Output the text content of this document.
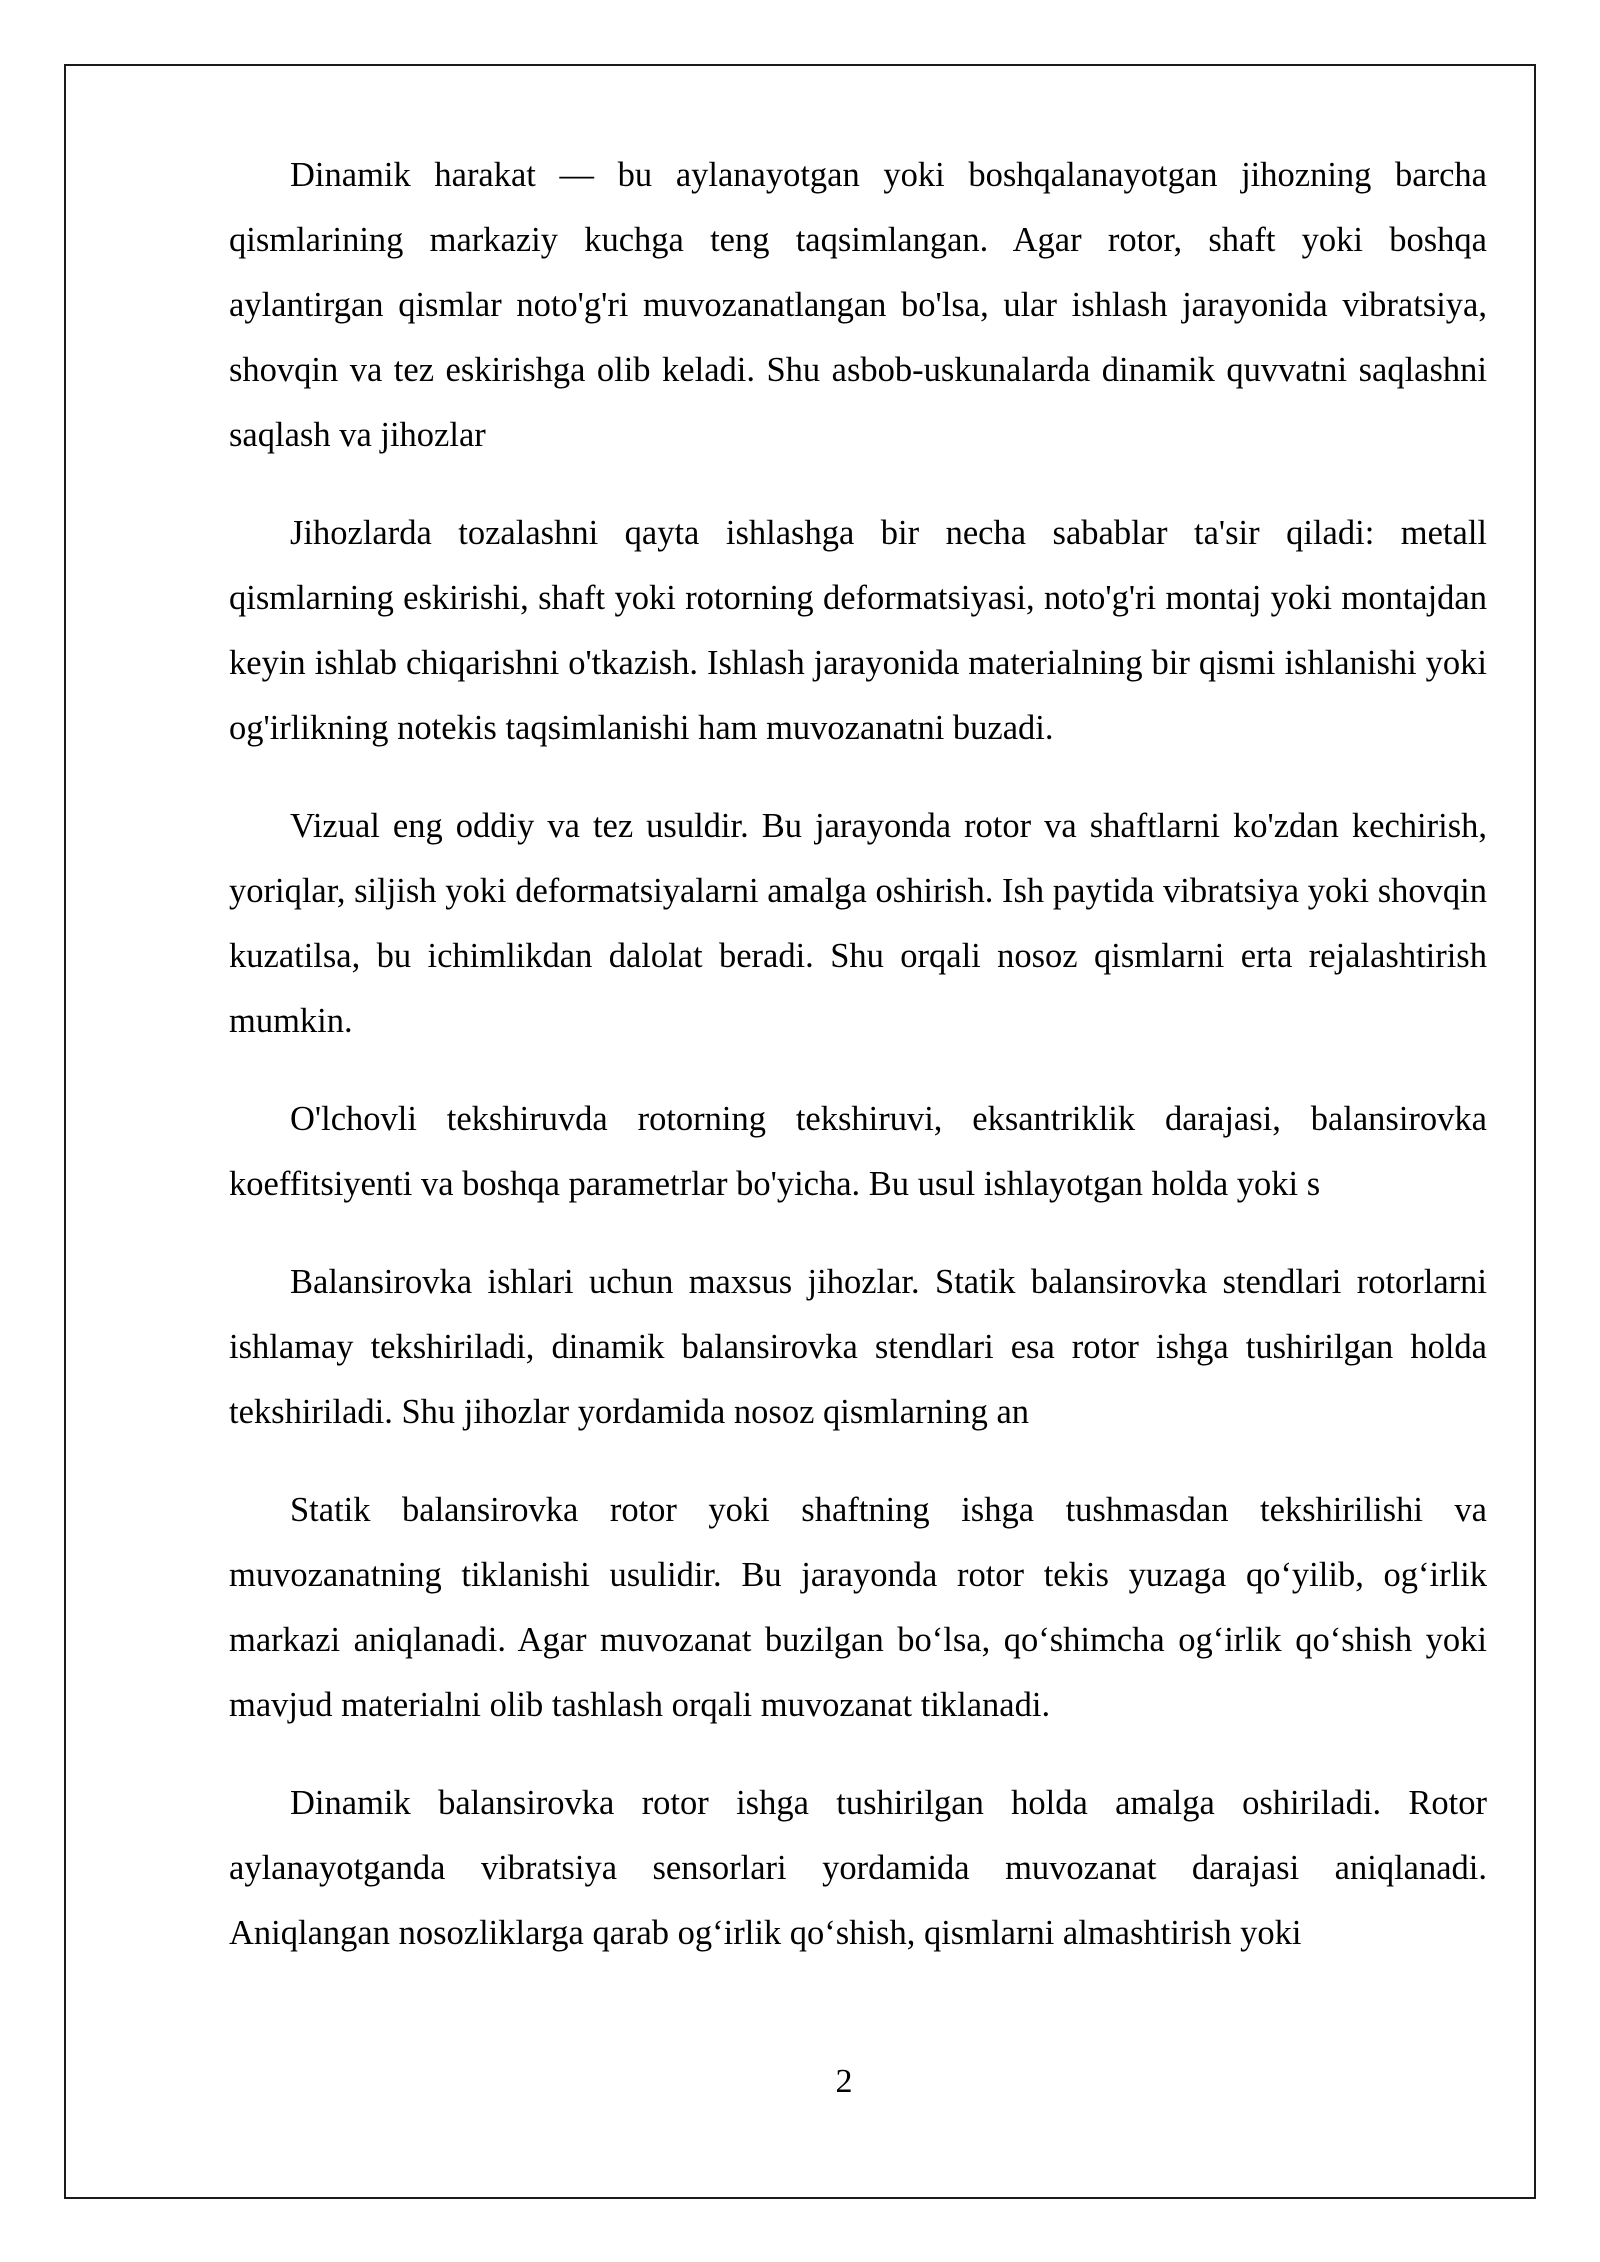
Dinamik harakat — bu aylanayotgan yoki boshqalanayotgan jihozning barcha qismlarining markaziy kuchga teng taqsimlangan. Agar rotor, shaft yoki boshqa aylantirgan qismlar noto'g'ri muvozanatlangan bo'lsa, ular ishlash jarayonida vibratsiya, shovqin va tez eskirishga olib keladi. Shu asbob-uskunalarda dinamik quvvatni saqlashni saqlash va jihozlar

Jihozlarda tozalashni qayta ishlashga bir necha sabablar ta'sir qiladi: metall qismlarning eskirishi, shaft yoki rotorning deformatsiyasi, noto'g'ri montaj yoki montajdan keyin ishlab chiqarishni o'tkazish. Ishlash jarayonida materialning bir qismi ishlanishi yoki og'irlikning notekis taqsimlanishi ham muvozanatni buzadi.

Vizual eng oddiy va tez usuldir. Bu jarayonda rotor va shaftlarni ko'zdan kechirish, yoriqlar, siljish yoki deformatsiyalarni amalga oshirish. Ish paytida vibratsiya yoki shovqin kuzatilsa, bu ichimlikdan dalolat beradi. Shu orqali nosoz qismlarni erta rejalashtirish mumkin.

O'lchovli tekshiruvda rotorning tekshiruvi, eksantriklik darajasi, balansirovka koeffitsiyenti va boshqa parametrlar bo'yicha. Bu usul ishlayotgan holda yoki s

Balansirovka ishlari uchun maxsus jihozlar. Statik balansirovka stendlari rotorlarni ishlamay tekshiriladi, dinamik balansirovka stendlari esa rotor ishga tushirilgan holda tekshiriladi. Shu jihozlar yordamida nosoz qismlarning an

Statik balansirovka rotor yoki shaftning ishga tushmasdan tekshirilishi va muvozanatning tiklanishi usulidir. Bu jarayonda rotor tekis yuzaga qo‘yilib, og‘irlik markazi aniqlanadi. Agar muvozanat buzilgan bo‘lsa, qo‘shimcha og‘irlik qo‘shish yoki mavjud materialni olib tashlash orqali muvozanat tiklanadi.

Dinamik balansirovka rotor ishga tushirilgan holda amalga oshiriladi. Rotor aylanayotganda vibratsiya sensorlari yordamida muvozanat darajasi aniqlanadi. Aniqlangan nosozliklarga qarab og‘irlik qo‘shish, qismlarni almashtirish yoki

2
